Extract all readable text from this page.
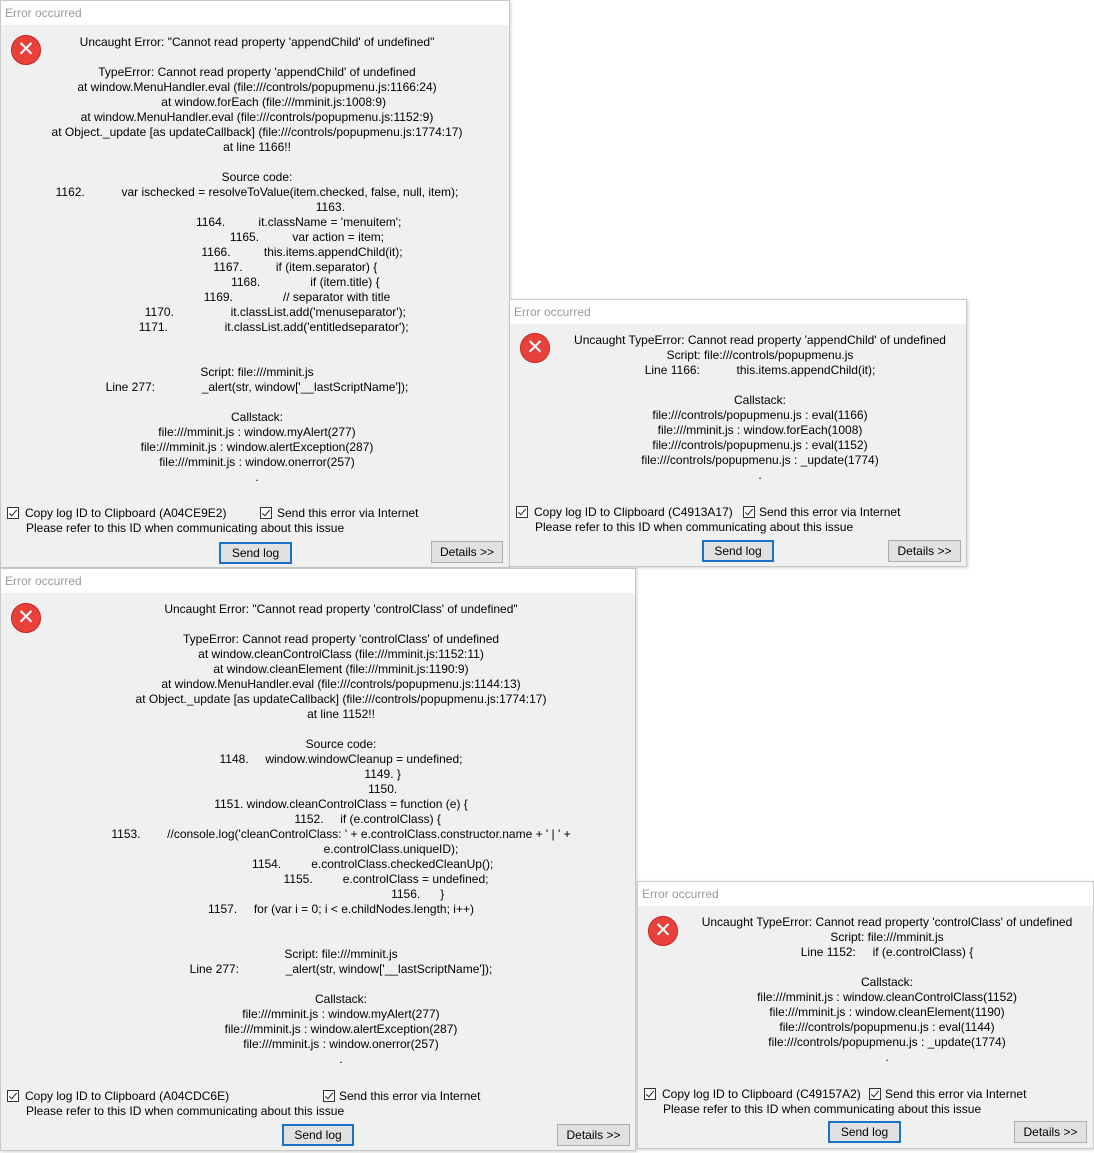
Error occurred
✕	Uncaught Error: "Cannot read property 'appendChild' of undefined"

TypeError: Cannot read property 'appendChild' of undefined
at window.MenuHandler.eval (file:///controls/popupmenu.js:1166:24)
at window.forEach (file:///mminit.js:1008:9)
at window.MenuHandler.eval (file:///controls/popupmenu.js:1152:9)
at Object._update [as updateCallback] (file:///controls/popupmenu.js:1774:17)
at line 1166!!

Source code:
1162.           var ischecked = resolveToValue(item.checked, false, null, item);
1163.
1164.          it.className = 'menuitem';
1165.          var action = item;
1166.          this.items.appendChild(it);
1167.          if (item.separator) {
1168.               if (item.title) {
1169.               // separator with title
1170.                 it.classList.add('menuseparator');
1171.                 it.classList.add('entitledseparator');

Script: file:///mminit.js
Line 277:              _alert(str, window['__lastScriptName']);

Callstack:
file:///mminit.js : window.myAlert(277)
file:///mminit.js : window.alertException(287)
file:///mminit.js : window.onerror(257)
.
Copy log ID to Clipboard (A04CE9E2)	Send this error via Internet
Please refer to this ID when communicating about this issue
Send log	Details >>
Error occurred
✕	Uncaught TypeError: Cannot read property 'appendChild' of undefined
Script: file:///controls/popupmenu.js
Line 1166:           this.items.appendChild(it);

Callstack:
file:///controls/popupmenu.js : eval(1166)
file:///mminit.js : window.forEach(1008)
file:///controls/popupmenu.js : eval(1152)
file:///controls/popupmenu.js : _update(1774)
.
Copy log ID to Clipboard (C4913A17) Send this error via Internet
Please refer to this ID when communicating about this issue
Send log	Details >>
Error occurred
✕	Uncaught Error: "Cannot read property 'controlClass' of undefined"

TypeError: Cannot read property 'controlClass' of undefined
at window.cleanControlClass (file:///mminit.js:1152:11)
at window.cleanElement (file:///mminit.js:1190:9)
at window.MenuHandler.eval (file:///controls/popupmenu.js:1144:13)
at Object._update [as updateCallback] (file:///controls/popupmenu.js:1774:17)
at line 1152!!

Source code:
1148.     window.windowCleanup = undefined;
1149. }
1150.
1151. window.cleanControlClass = function (e) {
1152.     if (e.controlClass) {
1153.        //console.log('cleanControlClass: ' + e.controlClass.constructor.name + ' | ' +
e.controlClass.uniqueID);
1154.         e.controlClass.checkedCleanUp();
1155.         e.controlClass = undefined;
1156.      }
1157.     for (var i = 0; i < e.childNodes.length; i++)

Script: file:///mminit.js
Line 277:              _alert(str, window['__lastScriptName']);

Callstack:
file:///mminit.js : window.myAlert(277)
file:///mminit.js : window.alertException(287)
file:///mminit.js : window.onerror(257)
.
Copy log ID to Clipboard (A04CDC6E)	Send this error via Internet
Please refer to this ID when communicating about this issue
Send log	Details >>
Error occurred
✕	Uncaught TypeError: Cannot read property 'controlClass' of undefined
Script: file:///mminit.js
Line 1152:     if (e.controlClass) {

Callstack:
file:///mminit.js : window.cleanControlClass(1152)
file:///mminit.js : window.cleanElement(1190)
file:///controls/popupmenu.js : eval(1144)
file:///controls/popupmenu.js : _update(1774)
.
Copy log ID to Clipboard (C49157A2) Send this error via Internet
Please refer to this ID when communicating about this issue
Send log	Details >>
